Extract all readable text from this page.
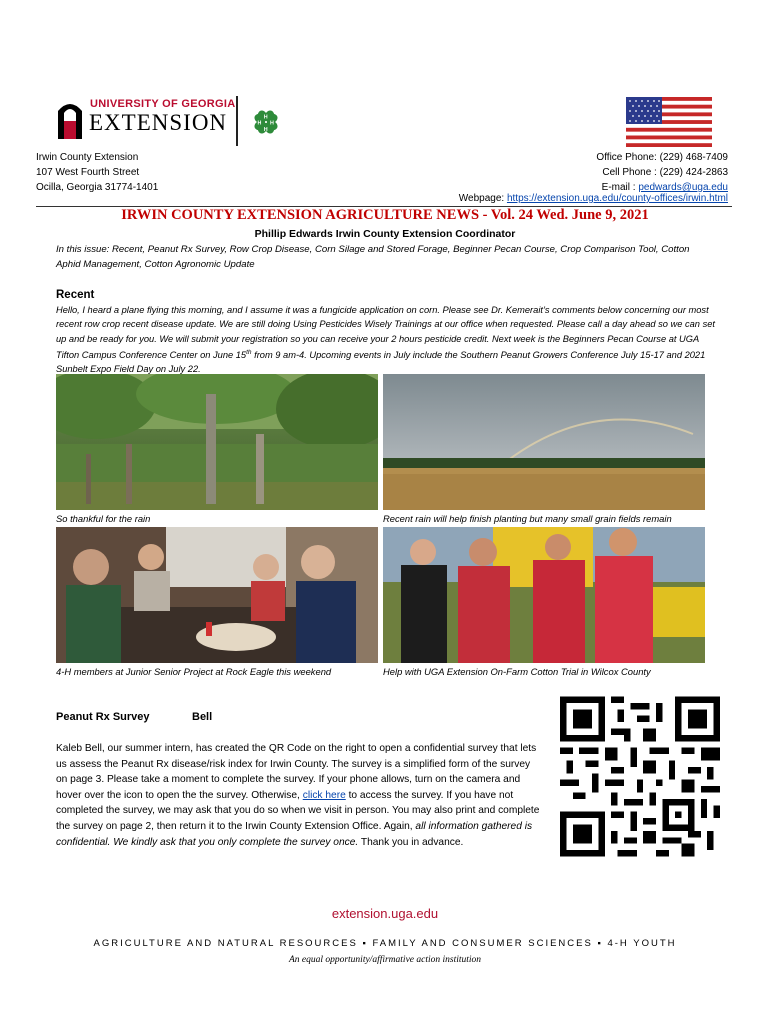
UNIVERSITY OF GEORGIA
EXTENSION	H
H
H H
Irwin County Extension
107 West Fourth Street
Ocilla, Georgia 31774-1401
Office Phone: (229) 468-7409
Cell Phone : (229) 424-2863
E-mail : pedwards@uga.edu
Webpage: https://extension.uga.edu/county-offices/irwin.html
IRWIN COUNTY EXTENSION AGRICULTURE NEWS - Vol. 24 Wed. June 9, 2021
Phillip Edwards Irwin County Extension Coordinator
In this issue: Recent, Peanut Rx Survey, Row Crop Disease, Corn Silage and Stored Forage, Beginner Pecan Course, Crop Comparison Tool, Cotton Aphid Management, Cotton Agronomic Update
Recent
Hello, I heard a plane flying this morning, and I assume it was a fungicide application on corn. Please see Dr. Kemerait’s comments below concerning our most recent row crop recent disease update. We are still doing Using Pesticides Wisely Trainings at our office when requested. Please call a day ahead so we can set up and be ready for you. We will submit your registration so you can receive your 2 hours pesticide credit. Next week is the Beginners Pecan Course at UGA Tifton Campus Conference Center on June 15th from 9 am-4. Upcoming events in July include the Southern Peanut Growers Conference July 15-17 and 2021 Sunbelt Expo Field Day on July 22.
So thankful for the rain	Recent rain will help finish planting but many small grain fields remain
4-H members at Junior Senior Project at Rock Eagle this weekend	Help with UGA Extension On-Farm Cotton Trial in Wilcox County
Peanut Rx Survey	Bell
Kaleb Bell, our summer intern, has created the QR Code on the right to open a confidential survey that lets us assess the Peanut Rx disease/risk index for Irwin County. The survey is a simplified form of the survey on page 3. Please take a moment to complete the survey. If your phone allows, turn on the camera and hover over the icon to open the the survey. Otherwise, click here to access the survey. If you have not completed the survey, we may ask that you do so when we visit in person. You may also print and complete the survey on page 2, then return it to the Irwin County Extension Office. Again, all information gathered is confidential. We kindly ask that you only complete the survey once. Thank you in advance.
extension.uga.edu
AGRICULTURE AND NATURAL RESOURCES ▪ FAMILY AND CONSUMER SCIENCES ▪ 4-H YOUTH
An equal opportunity/affirmative action institution
